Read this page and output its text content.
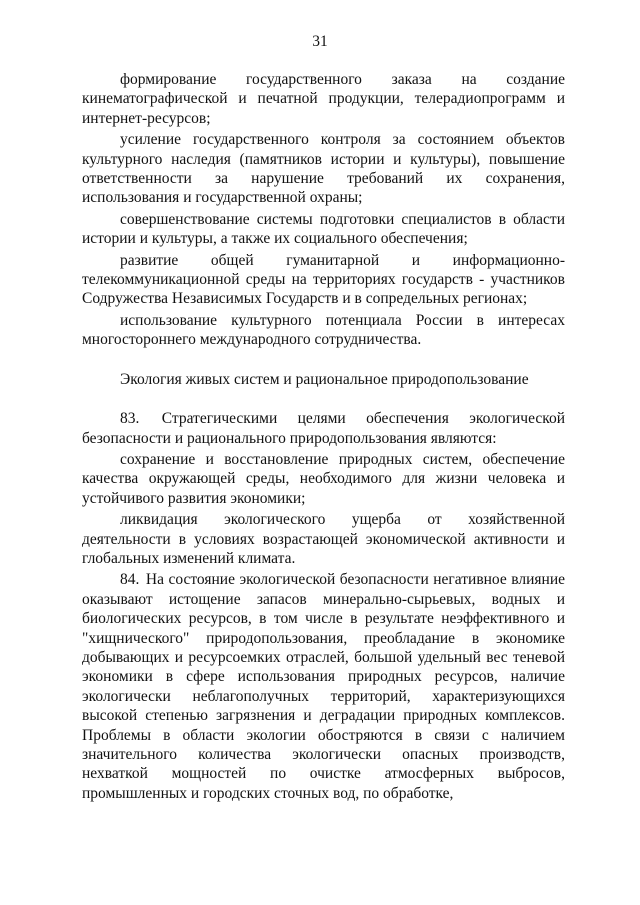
31

формирование государственного заказа на создание кинематографической и печатной продукции, телерадиопрограмм и интернет-ресурсов;

усиление государственного контроля за состоянием объектов культурного наследия (памятников истории и культуры), повышение ответственности за нарушение требований их сохранения, использования и государственной охраны;

совершенствование системы подготовки специалистов в области истории и культуры, а также их социального обеспечения;

развитие общей гуманитарной и информационно-телекоммуникационной среды на территориях государств - участников Содружества Независимых Государств и в сопредельных регионах;

использование культурного потенциала России в интересах многостороннего международного сотрудничества.

Экология живых систем и рациональное природопользование

83. Стратегическими целями обеспечения экологической безопасности и рационального природопользования являются:

сохранение и восстановление природных систем, обеспечение качества окружающей среды, необходимого для жизни человека и устойчивого развития экономики;

ликвидация экологического ущерба от хозяйственной деятельности в условиях возрастающей экономической активности и глобальных изменений климата.

84. На состояние экологической безопасности негативное влияние оказывают истощение запасов минерально-сырьевых, водных и биологических ресурсов, в том числе в результате неэффективного и "хищнического" природопользования, преобладание в экономике добывающих и ресурсоемких отраслей, большой удельный вес теневой экономики в сфере использования природных ресурсов, наличие экологически неблагополучных территорий, характеризующихся высокой степенью загрязнения и деградации природных комплексов. Проблемы в области экологии обостряются в связи с наличием значительного количества экологически опасных производств, нехваткой мощностей по очистке атмосферных выбросов, промышленных и городских сточных вод, по обработке,
